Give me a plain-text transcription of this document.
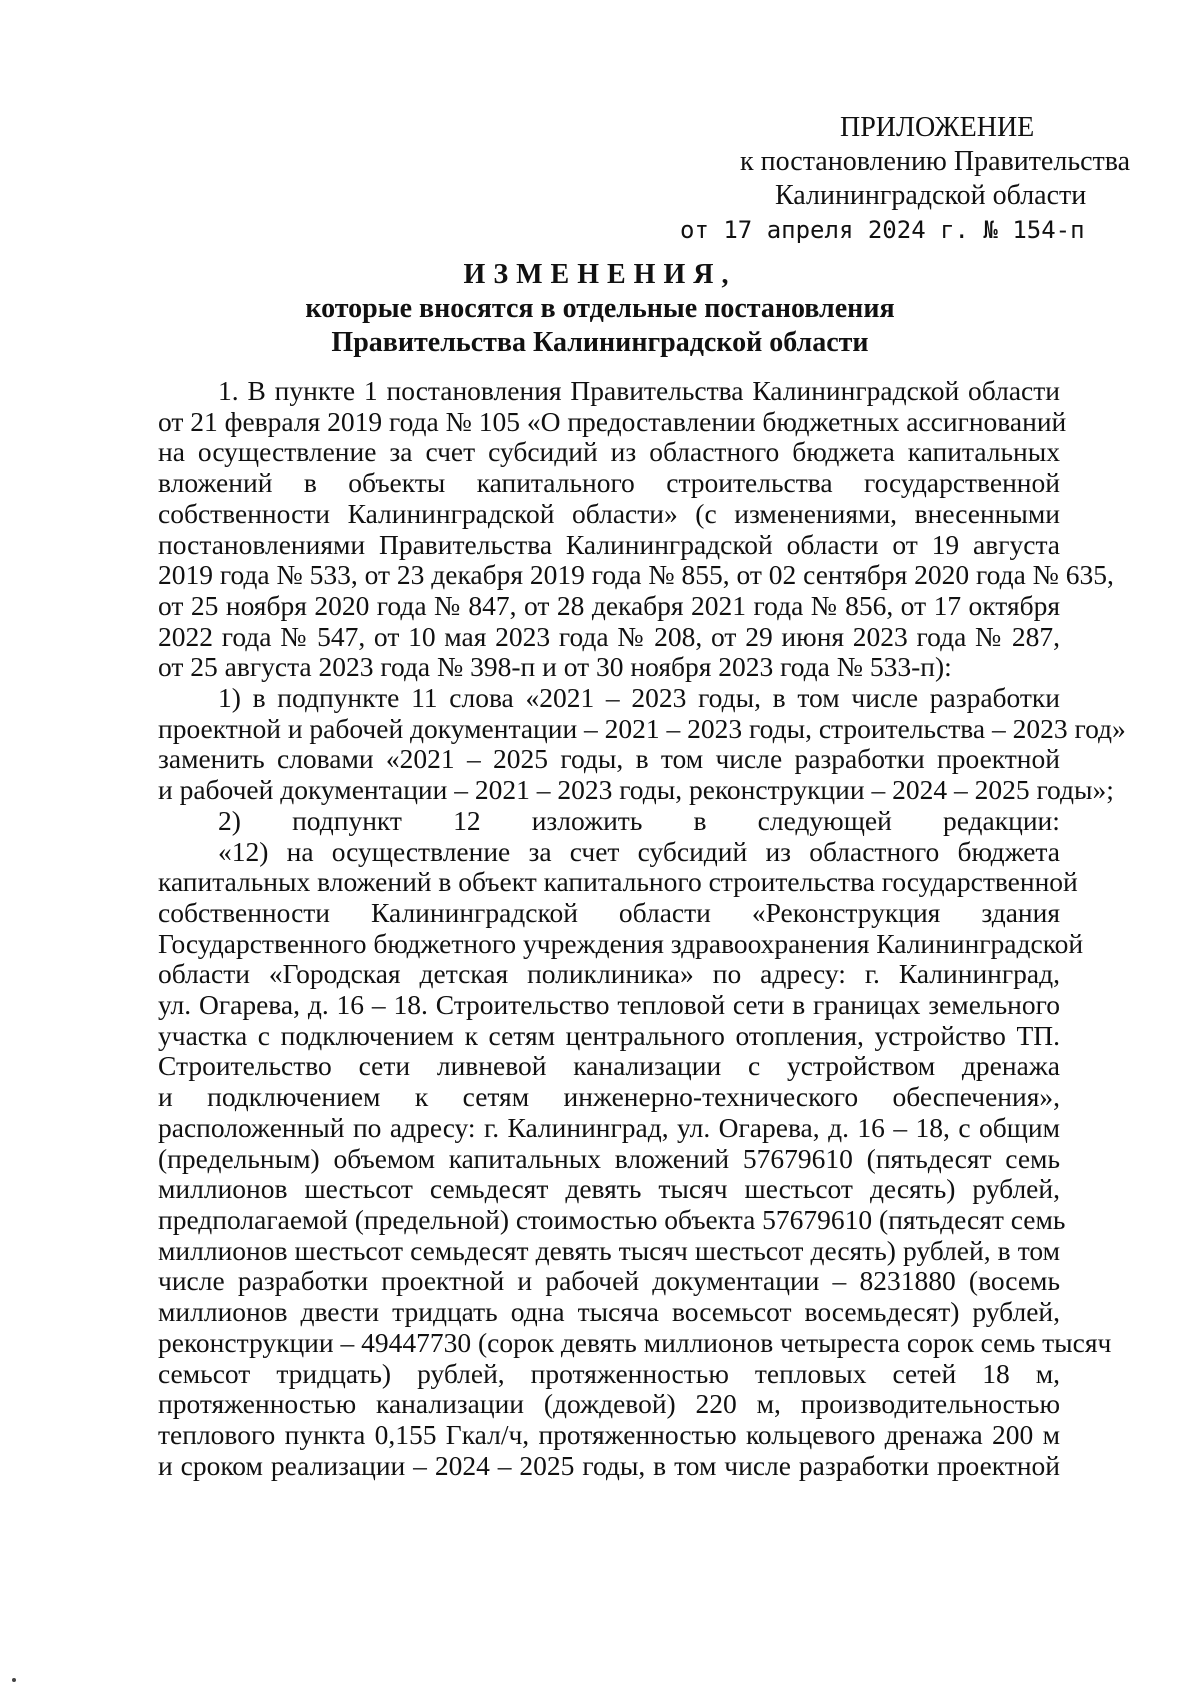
ПРИЛОЖЕНИЕ
к постановлению Правительства
Калининградской области
от 17 апреля 2024 г. № 154-п
ИЗМЕНЕНИЯ,
которые вносятся в отдельные постановления
Правительства Калининградской области
1. В пункте 1 постановления Правительства Калининградской области
от 21 февраля 2019 года № 105 «О предоставлении бюджетных ассигнований
на осуществление за счет субсидий из областного бюджета капитальных
вложений в объекты капитального строительства государственной
собственности Калининградской области» (с изменениями, внесенными
постановлениями Правительства Калининградской области от 19 августа
2019 года № 533, от 23 декабря 2019 года № 855, от 02 сентября 2020 года № 635,
от 25 ноября 2020 года № 847, от 28 декабря 2021 года № 856, от 17 октября
2022 года № 547, от 10 мая 2023 года № 208, от 29 июня 2023 года № 287,
от 25 августа 2023 года № 398-п и от 30 ноября 2023 года № 533-п):
1) в подпункте 11 слова «2021 – 2023 годы, в том числе разработки
проектной и рабочей документации – 2021 – 2023 годы, строительства – 2023 год»
заменить словами «2021 – 2025 годы, в том числе разработки проектной
и рабочей документации – 2021 – 2023 годы, реконструкции – 2024 – 2025 годы»;
2) подпункт 12 изложить в следующей редакции:
«12) на осуществление за счет субсидий из областного бюджета
капитальных вложений в объект капитального строительства государственной
собственности Калининградской области «Реконструкция здания
Государственного бюджетного учреждения здравоохранения Калининградской
области «Городская детская поликлиника» по адресу: г. Калининград,
ул. Огарева, д. 16 – 18. Строительство тепловой сети в границах земельного
участка с подключением к сетям центрального отопления, устройство ТП.
Строительство сети ливневой канализации с устройством дренажа
и подключением к сетям инженерно-технического обеспечения»,
расположенный по адресу: г. Калининград, ул. Огарева, д. 16 – 18, с общим
(предельным) объемом капитальных вложений 57679610 (пятьдесят семь
миллионов шестьсот семьдесят девять тысяч шестьсот десять) рублей,
предполагаемой (предельной) стоимостью объекта 57679610 (пятьдесят семь
миллионов шестьсот семьдесят девять тысяч шестьсот десять) рублей, в том
числе разработки проектной и рабочей документации – 8231880 (восемь
миллионов двести тридцать одна тысяча восемьсот восемьдесят) рублей,
реконструкции – 49447730 (сорок девять миллионов четыреста сорок семь тысяч
семьсот тридцать) рублей, протяженностью тепловых сетей 18 м,
протяженностью канализации (дождевой) 220 м, производительностью
теплового пункта 0,155 Гкал/ч, протяженностью кольцевого дренажа 200 м
и сроком реализации – 2024 – 2025 годы, в том числе разработки проектной
